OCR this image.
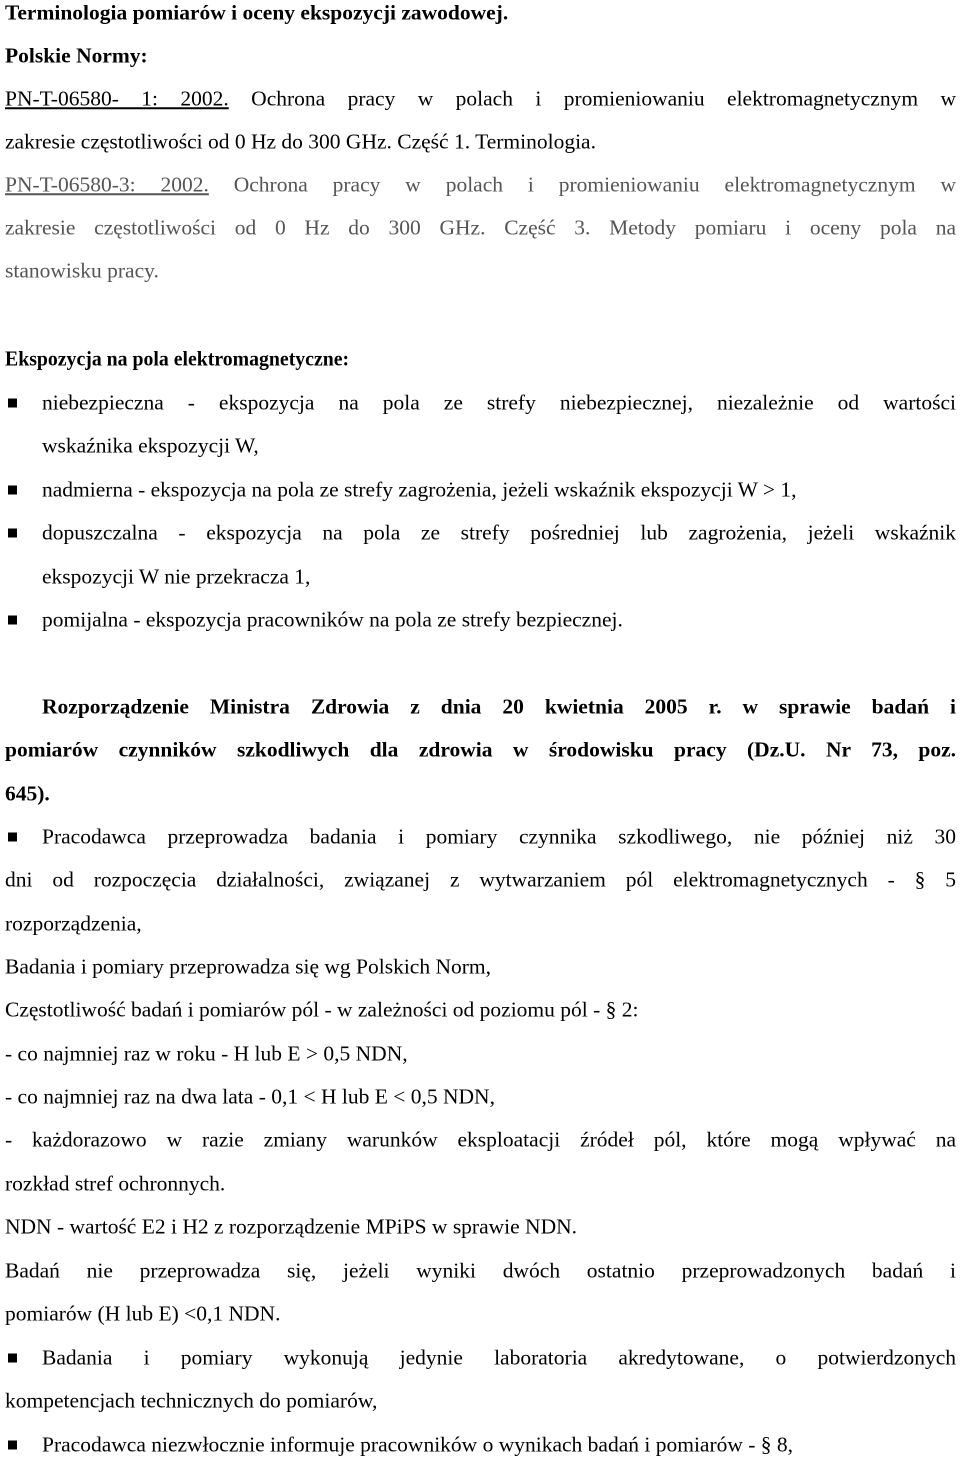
Terminologia pomiarów i oceny ekspozycji zawodowej.
Polskie Normy:
PN-T-06580- 1: 2002. Ochrona pracy w polach i promieniowaniu elektromagnetycznym w
zakresie częstotliwości od 0 Hz do 300 GHz. Część 1. Terminologia.
PN-T-06580-3: 2002. Ochrona pracy w polach i promieniowaniu elektromagnetycznym w
zakresie częstotliwości od 0 Hz do 300 GHz. Część 3. Metody pomiaru i oceny pola na
stanowisku pracy.
Ekspozycja na pola elektromagnetyczne:
niebezpieczna - ekspozycja na pola ze strefy niebezpiecznej, niezależnie od wartości
wskaźnika ekspozycji W,
nadmierna - ekspozycja na pola ze strefy zagrożenia, jeżeli wskaźnik ekspozycji W > 1,
dopuszczalna - ekspozycja na pola ze strefy pośredniej lub zagrożenia, jeżeli wskaźnik
ekspozycji W nie przekracza 1,
pomijalna - ekspozycja pracowników na pola ze strefy bezpiecznej.
Rozporządzenie Ministra Zdrowia z dnia 20 kwietnia 2005 r. w sprawie badań i
pomiarów czynników szkodliwych dla zdrowia w środowisku pracy (Dz.U. Nr 73, poz.
645).
Pracodawca przeprowadza badania i pomiary czynnika szkodliwego, nie później niż 30
dni od rozpoczęcia działalności, związanej z wytwarzaniem pól elektromagnetycznych - § 5
rozporządzenia,
Badania i pomiary przeprowadza się wg Polskich Norm,
Częstotliwość badań i pomiarów pól - w zależności od poziomu pól - § 2:
- co najmniej raz w roku - H lub E > 0,5 NDN,
- co najmniej raz na dwa lata - 0,1 < H lub E < 0,5 NDN,
- każdorazowo w razie zmiany warunków eksploatacji źródeł pól, które mogą wpływać na
rozkład stref ochronnych.
NDN - wartość E2 i H2 z rozporządzenie MPiPS w sprawie NDN.
Badań nie przeprowadza się, jeżeli wyniki dwóch ostatnio przeprowadzonych badań i
pomiarów (H lub E) <0,1 NDN.
Badania i pomiary wykonują jedynie laboratoria akredytowane, o potwierdzonych
kompetencjach technicznych do pomiarów,
Pracodawca niezwłocznie informuje pracowników o wynikach badań i pomiarów - § 8,
